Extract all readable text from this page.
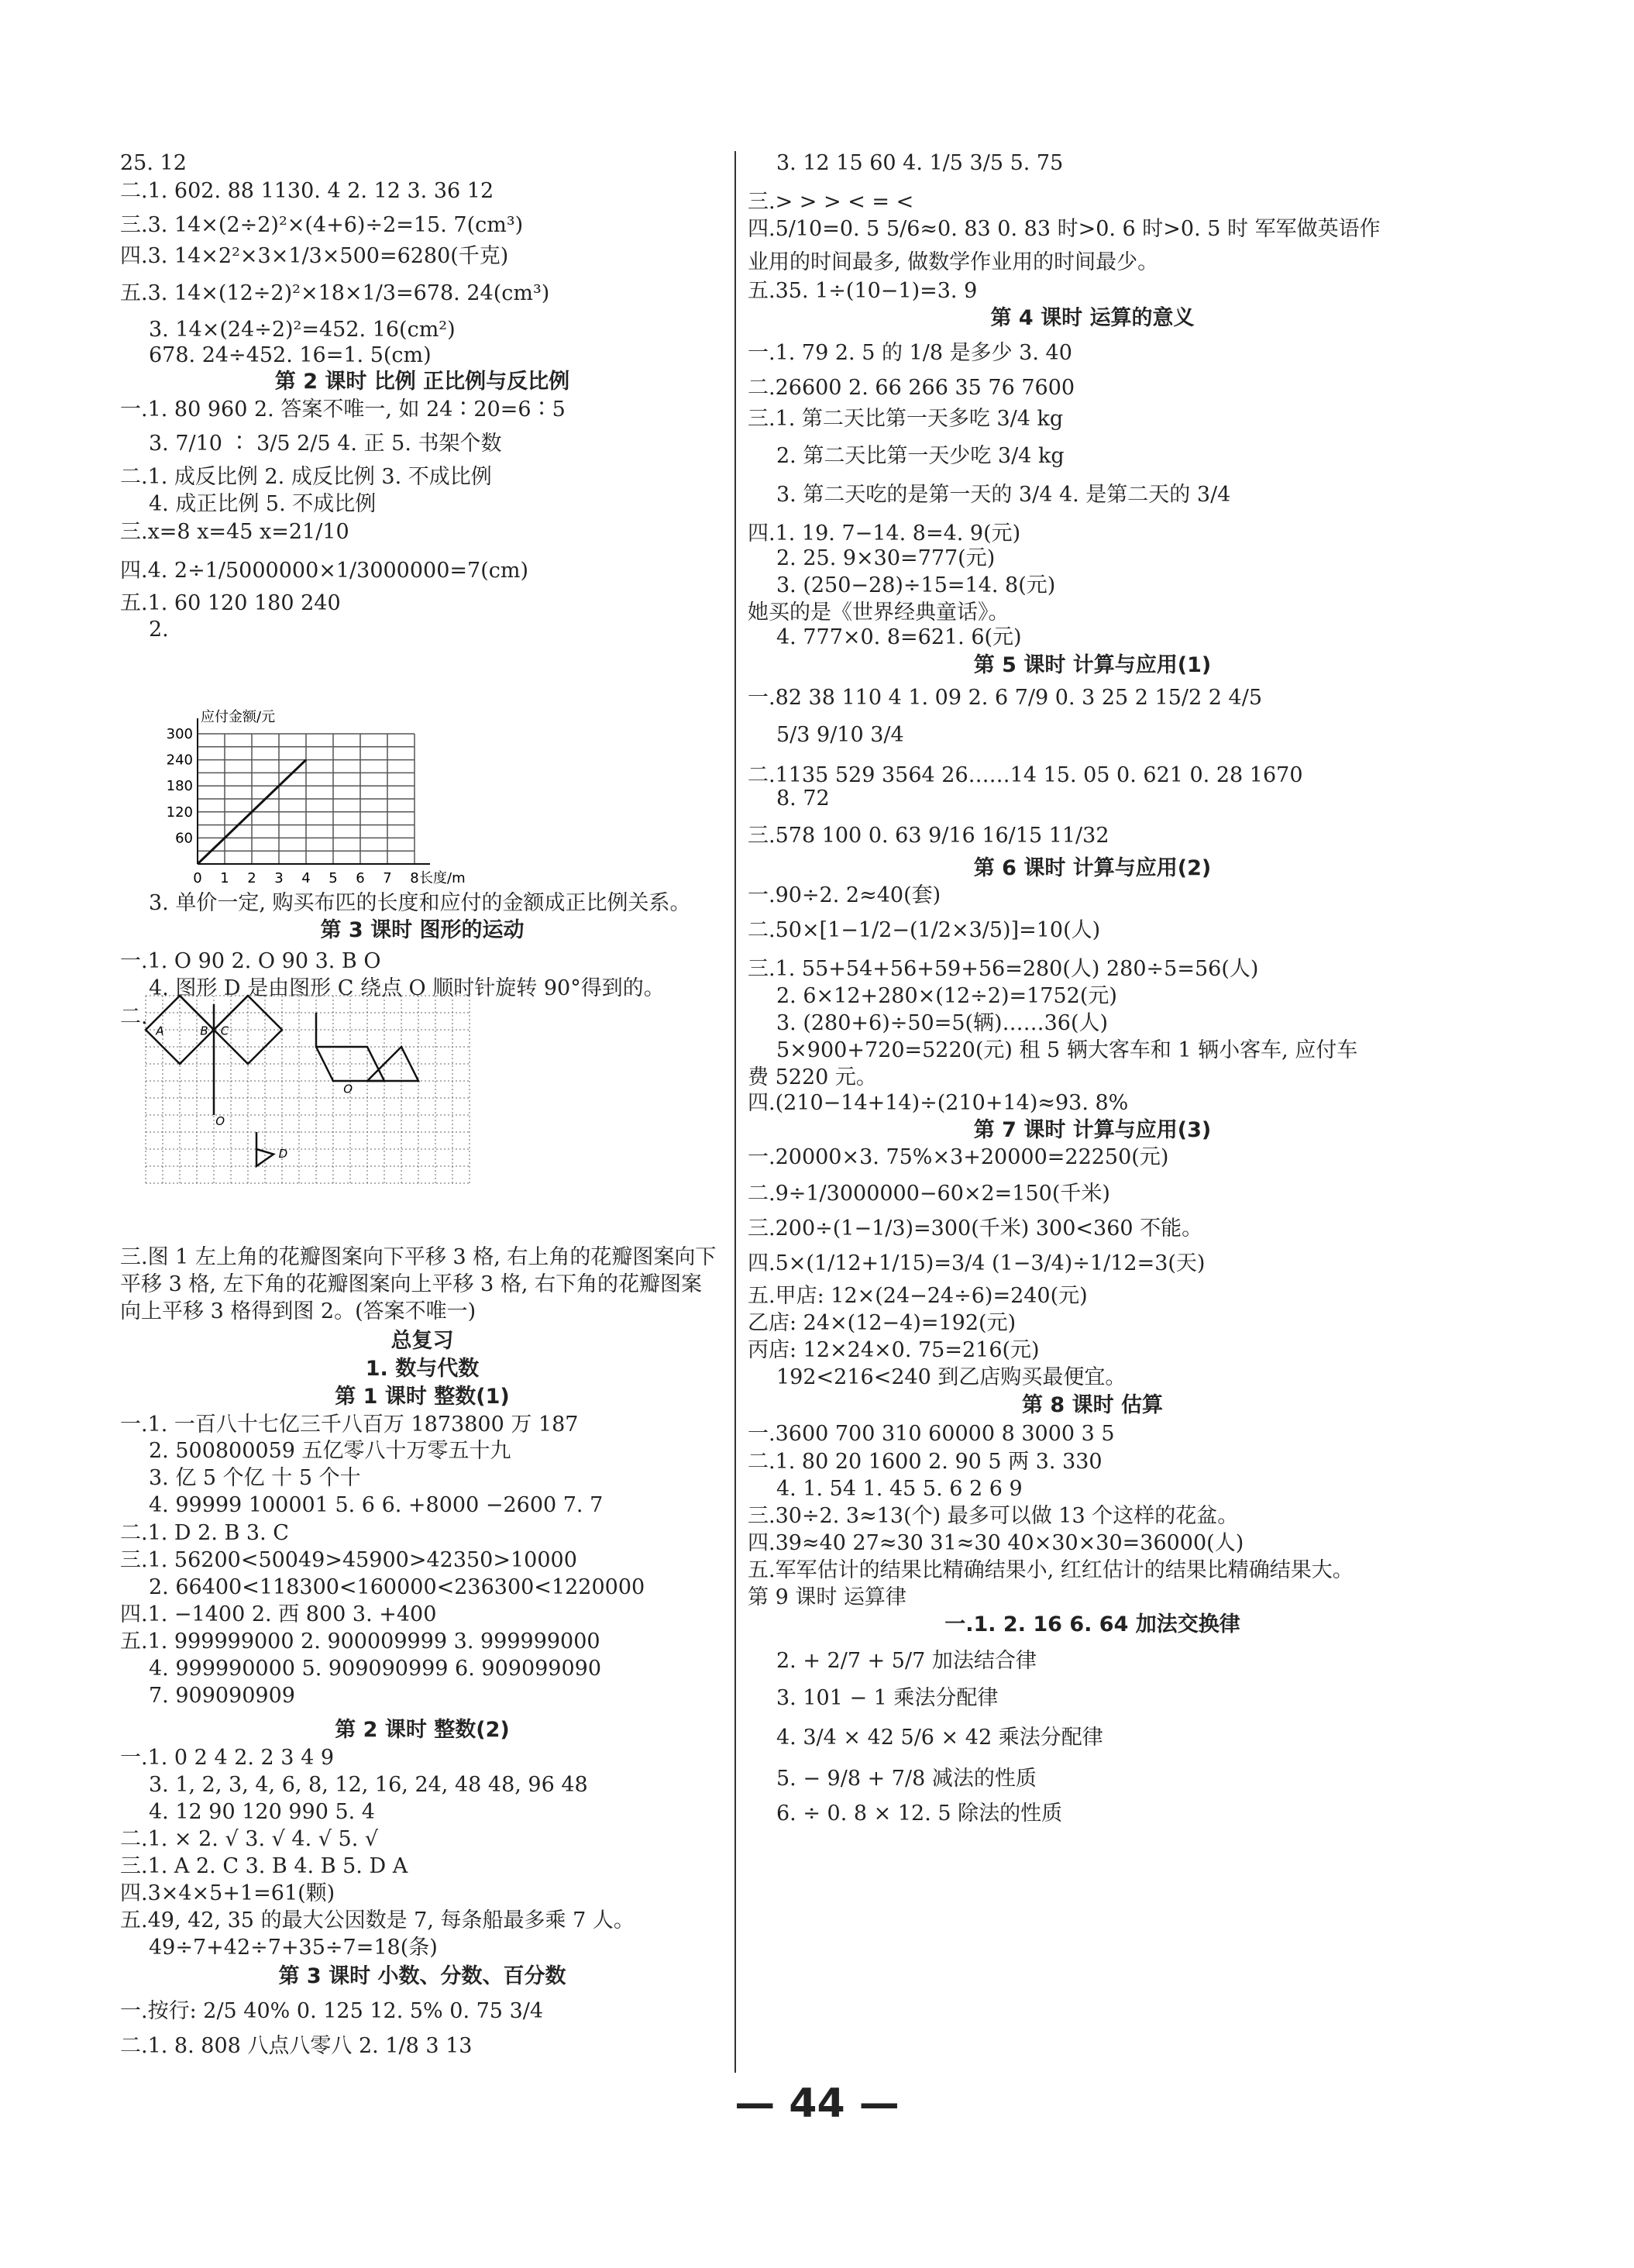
25. 12
二.1. 602. 88 1130. 4 2. 12 3. 36 12
三.3. 14×(2÷2)²×(4+6)÷2=15. 7(cm³)
四.3. 14×2²×3×1/3×500=6280(千克)
五.3. 14×(12÷2)²×18×1/3=678. 24(cm³)
3. 14×(24÷2)²=452. 16(cm²)
678. 24÷452. 16=1. 5(cm)
第 2 课时 比例 正比例与反比例
一.1. 80 960 2. 答案不唯一, 如 24∶20=6∶5
3. 7/10 ∶ 3/5 2/5 4. 正 5. 书架个数
二.1. 成反比例 2. 成反比例 3. 不成比例
4. 成正比例 5. 不成比例
三.x=8 x=45 x=21/10
四.4. 2÷1/5000000×1/3000000=7(cm)
五.1. 60 120 180 240
2.
3. 单价一定, 购买布匹的长度和应付的金额成正比例关系。
第 3 课时 图形的运动
一.1. O 90 2. O 90 3. B O
4. 图形 D 是由图形 C 绕点 O 顺时针旋转 90°得到的。
二.
三.图 1 左上角的花瓣图案向下平移 3 格, 右上角的花瓣图案向下
平移 3 格, 左下角的花瓣图案向上平移 3 格, 右下角的花瓣图案
向上平移 3 格得到图 2。(答案不唯一)
总复习
1. 数与代数
第 1 课时 整数(1)
一.1. 一百八十七亿三千八百万 1873800 万 187
2. 500800059 五亿零八十万零五十九
3. 亿 5 个亿 十 5 个十
4. 99999 100001 5. 6 6. +8000 −2600 7. 7
二.1. D 2. B 3. C
三.1. 56200<50049>45900>42350>10000
2. 66400<118300<160000<236300<1220000
四.1. −1400 2. 西 800 3. +400
五.1. 999999000 2. 900009999 3. 999999000
4. 999990000 5. 909090999 6. 909099090
7. 909090909
第 2 课时 整数(2)
一.1. 0 2 4 2. 2 3 4 9
3. 1, 2, 3, 4, 6, 8, 12, 16, 24, 48 48, 96 48
4. 12 90 120 990 5. 4
二.1. × 2. √ 3. √ 4. √ 5. √
三.1. A 2. C 3. B 4. B 5. D A
四.3×4×5+1=61(颗)
五.49, 42, 35 的最大公因数是 7, 每条船最多乘 7 人。
49÷7+42÷7+35÷7=18(条)
第 3 课时 小数、分数、百分数
一.按行: 2/5 40% 0. 125 12. 5% 0. 75 3/4
二.1. 8. 808 八点八零八 2. 1/8 3 13
3. 12 15 60 4. 1/5 3/5 5. 75
三.> > > < = <
四.5/10=0. 5 5/6≈0. 83 0. 83 时>0. 6 时>0. 5 时 军军做英语作
业用的时间最多, 做数学作业用的时间最少。
五.35. 1÷(10−1)=3. 9
第 4 课时 运算的意义
一.1. 79 2. 5 的 1/8 是多少 3. 40
二.26600 2. 66 266 35 76 7600
三.1. 第二天比第一天多吃 3/4 kg
2. 第二天比第一天少吃 3/4 kg
3. 第二天吃的是第一天的 3/4 4. 是第二天的 3/4
四.1. 19. 7−14. 8=4. 9(元)
2. 25. 9×30=777(元)
3. (250−28)÷15=14. 8(元)
她买的是《世界经典童话》。
4. 777×0. 8=621. 6(元)
第 5 课时 计算与应用(1)
一.82 38 110 4 1. 09 2. 6 7/9 0. 3 25 2 15/2 2 4/5
5/3 9/10 3/4
二.1135 529 3564 26……14 15. 05 0. 621 0. 28 1670
8. 72
三.578 100 0. 63 9/16 16/15 11/32
第 6 课时 计算与应用(2)
一.90÷2. 2≈40(套)
二.50×[1−1/2−(1/2×3/5)]=10(人)
三.1. 55+54+56+59+56=280(人) 280÷5=56(人)
2. 6×12+280×(12÷2)=1752(元)
3. (280+6)÷50=5(辆)……36(人)
5×900+720=5220(元) 租 5 辆大客车和 1 辆小客车, 应付车
费 5220 元。
四.(210−14+14)÷(210+14)≈93. 8%
第 7 课时 计算与应用(3)
一.20000×3. 75%×3+20000=22250(元)
二.9÷1/3000000−60×2=150(千米)
三.200÷(1−1/3)=300(千米) 300<360 不能。
四.5×(1/12+1/15)=3/4 (1−3/4)÷1/12=3(天)
五.甲店: 12×(24−24÷6)=240(元)
乙店: 24×(12−4)=192(元)
丙店: 12×24×0. 75=216(元)
192<216<240 到乙店购买最便宜。
第 8 课时 估算
一.3600 700 310 60000 8 3000 3 5
二.1. 80 20 1600 2. 90 5 两 3. 330
4. 1. 54 1. 45 5. 6 2 6 9
三.30÷2. 3≈13(个) 最多可以做 13 个这样的花盆。
四.39≈40 27≈30 31≈30 40×30×30=36000(人)
五.军军估计的结果比精确结果小, 红红估计的结果比精确结果大。
第 9 课时 运算律
一.1. 2. 16 6. 64 加法交换律
2. + 2/7 + 5/7 加法结合律
3. 101 − 1 乘法分配律
4. 3/4 × 42 5/6 × 42 乘法分配律
5. − 9/8 + 7/8 减法的性质
6. ÷ 0. 8 × 12. 5 除法的性质
0 1 2 3 4 5 6 7 8
60
120
180
240
300
应付金额/元
长度/m
A	B C
O
O
D
— 44 —
